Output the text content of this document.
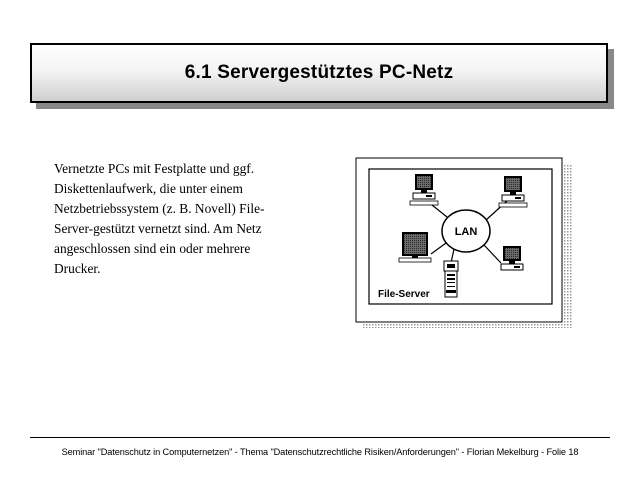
6.1 Servergestütztes PC-Netz
Vernetzte PCs mit Festplatte und ggf.
Diskettenlaufwerk, die unter einem
Netzbetriebssystem (z. B. Novell) File-
Server-gestützt vernetzt sind. Am Netz
angeschlossen sind ein oder mehrere
Drucker.
LAN
File-Server
Seminar "Datenschutz in Computernetzen" - Thema "Datenschutzrechtliche Risiken/Anforderungen" - Florian Mekelburg - Folie 18
